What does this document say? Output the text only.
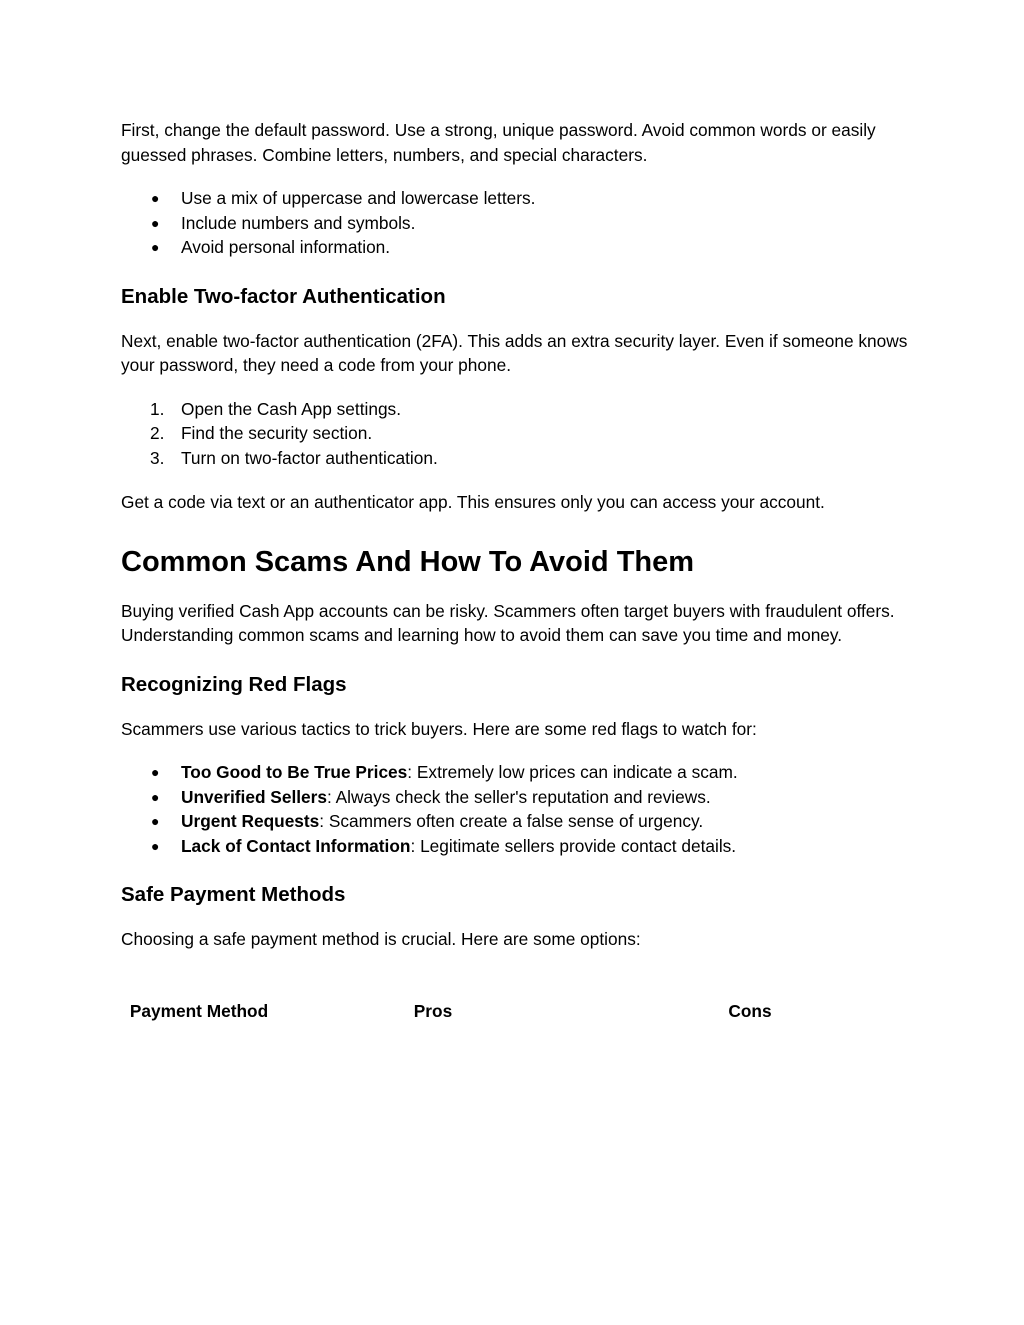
First, change the default password. Use a strong, unique password. Avoid common words or easily guessed phrases. Combine letters, numbers, and special characters.

● Use a mix of uppercase and lowercase letters.
● Include numbers and symbols.
● Avoid personal information.
Enable Two-factor Authentication

Next, enable two-factor authentication (2FA). This adds an extra security layer. Even if someone knows your password, they need a code from your phone.

1. Open the Cash App settings.
2. Find the security section.
3. Turn on two-factor authentication.

Get a code via text or an authenticator app. This ensures only you can access your account.

Common Scams And How To Avoid Them

Buying verified Cash App accounts can be risky. Scammers often target buyers with fraudulent offers. Understanding common scams and learning how to avoid them can save you time and money.

Recognizing Red Flags

Scammers use various tactics to trick buyers. Here are some red flags to watch for:

● Too Good to Be True Prices: Extremely low prices can indicate a scam.
● Unverified Sellers: Always check the seller's reputation and reviews.
● Urgent Requests: Scammers often create a false sense of urgency.
● Lack of Contact Information: Legitimate sellers provide contact details.
Safe Payment Methods

Choosing a safe payment method is crucial. Here are some options:

Payment Method	Pros	Cons
